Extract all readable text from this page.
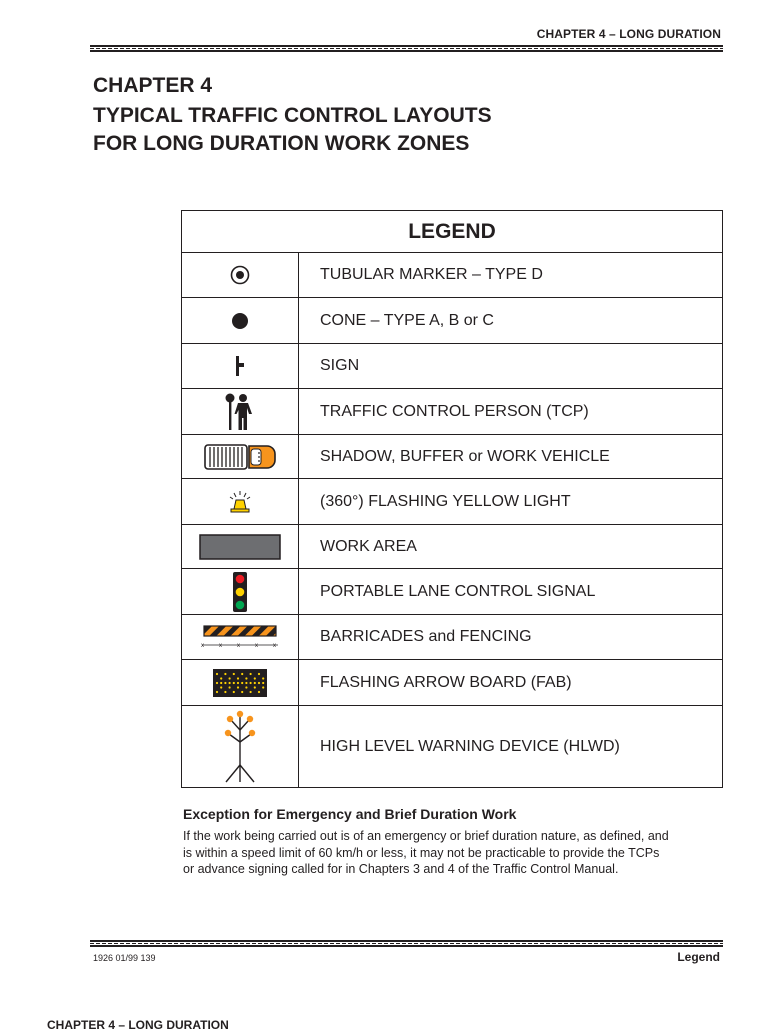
CHAPTER 4 – LONG DURATION
CHAPTER 4
TYPICAL TRAFFIC CONTROL LAYOUTS
FOR LONG DURATION WORK ZONES
LEGEND	

	TUBULAR MARKER – TYPE D

	CONE – TYPE A, B or C

	SIGN

	TRAFFIC CONTROL PERSON (TCP)

	SHADOW, BUFFER or WORK VEHICLE

	(360°) FLASHING YELLOW LIGHT

	WORK AREA

	PORTABLE LANE CONTROL SIGNAL

x x x x x	BARRICADES and FENCING

	FLASHING ARROW BOARD (FAB)

	HIGH LEVEL WARNING DEVICE (HLWD)
Exception for Emergency and Brief Duration Work

If the work being carried out is of an emergency or brief duration nature, as defined, and
is within a speed limit of 60 km/h or less, it may not be practicable to provide the TCPs
or advance signing called for in Chapters 3 and 4 of the Traffic Control Manual.

1926 01/99 139	Legend
CHAPTER 4 – LONG DURATION
